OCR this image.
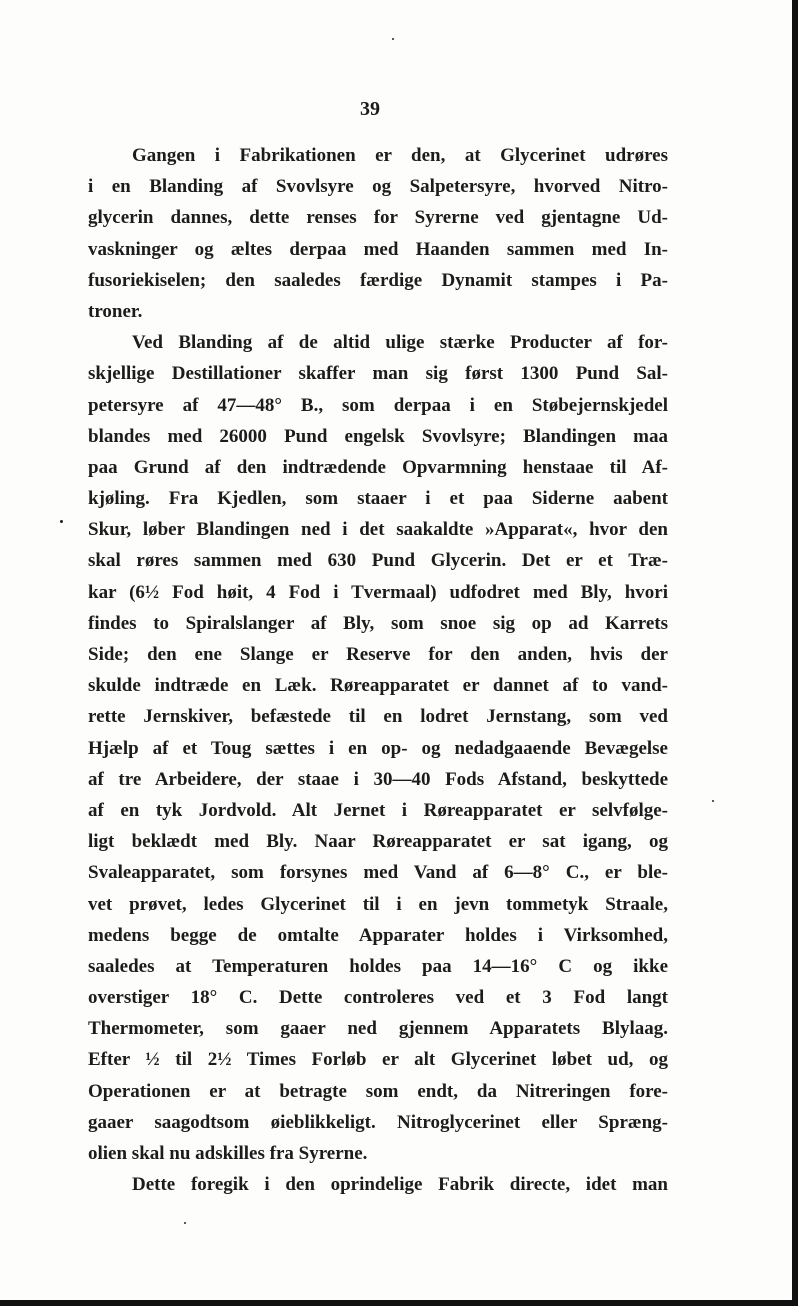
39
Gangen i Fabrikationen er den, at Glycerinet udrøres
i en Blanding af Svovlsyre og Salpetersyre, hvorved Nitro-
glycerin dannes, dette renses for Syrerne ved gjentagne Ud-
vaskninger og æltes derpaa med Haanden sammen med In-
fusoriekiselen; den saaledes færdige Dynamit stampes i Pa-
troner.
Ved Blanding af de altid ulige stærke Producter af for-
skjellige Destillationer skaffer man sig først 1300 Pund Sal-
petersyre af 47—48° B., som derpaa i en Støbejernskjedel
blandes med 26000 Pund engelsk Svovlsyre; Blandingen maa
paa Grund af den indtrædende Opvarmning henstaae til Af-
kjøling. Fra Kjedlen, som staaer i et paa Siderne aabent
Skur, løber Blandingen ned i det saakaldte »Apparat«, hvor den
skal røres sammen med 630 Pund Glycerin. Det er et Træ-
kar (6½ Fod høit, 4 Fod i Tvermaal) udfodret med Bly, hvori
findes to Spiralslanger af Bly, som snoe sig op ad Karrets
Side; den ene Slange er Reserve for den anden, hvis der
skulde indtræde en Læk. Røreapparatet er dannet af to vand-
rette Jernskiver, befæstede til en lodret Jernstang, som ved
Hjælp af et Toug sættes i en op- og nedadgaaende Bevægelse
af tre Arbeidere, der staae i 30—40 Fods Afstand, beskyttede
af en tyk Jordvold. Alt Jernet i Røreapparatet er selvfølge-
ligt beklædt med Bly. Naar Røreapparatet er sat igang, og
Svaleapparatet, som forsynes med Vand af 6—8° C., er ble-
vet prøvet, ledes Glycerinet til i en jevn tommetyk Straale,
medens begge de omtalte Apparater holdes i Virksomhed,
saaledes at Temperaturen holdes paa 14—16° C og ikke
overstiger 18° C. Dette controleres ved et 3 Fod langt
Thermometer, som gaaer ned gjennem Apparatets Blylaag.
Efter ½ til 2½ Times Forløb er alt Glycerinet løbet ud, og
Operationen er at betragte som endt, da Nitreringen fore-
gaaer saagodtsom øieblikkeligt. Nitroglycerinet eller Spræng-
olien skal nu adskilles fra Syrerne.
Dette foregik i den oprindelige Fabrik directe, idet man
